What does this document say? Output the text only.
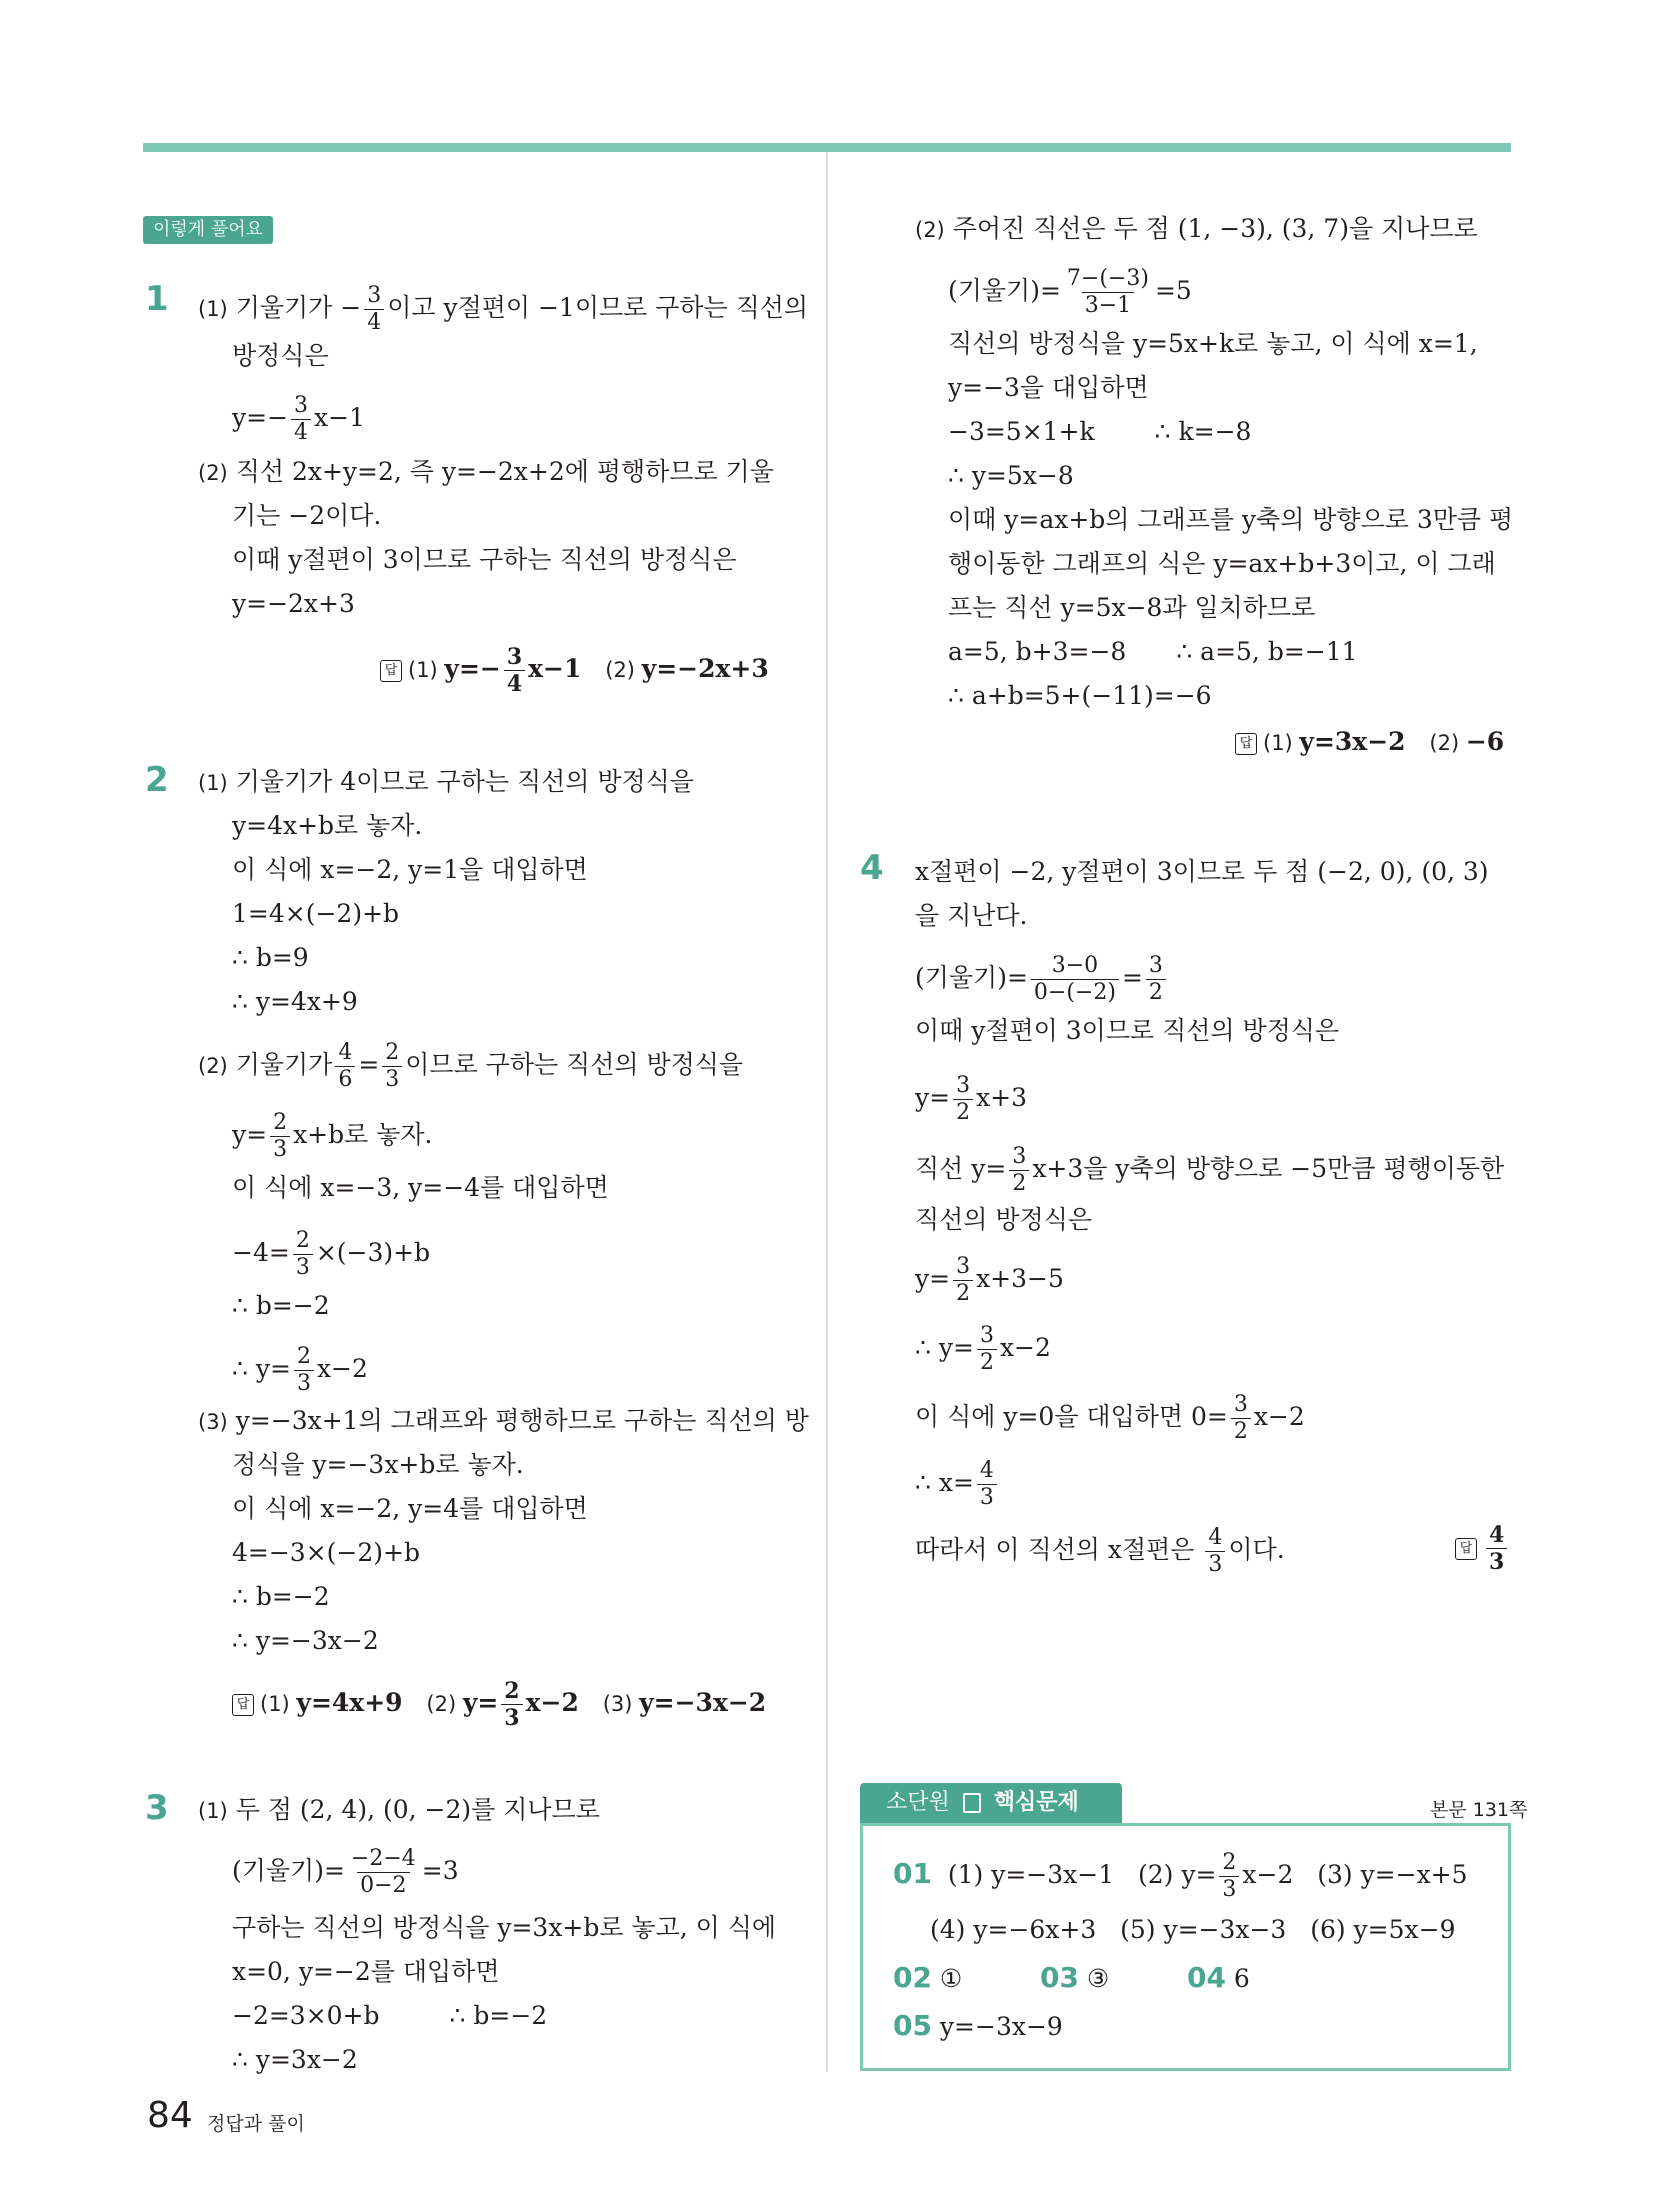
이렇게 풀어요
1 (1) 기울기가 − $\frac{3}{4}$ 이고 y절편이 −1이므로 구하는 직선의
방정식은
$y=- \frac{3}{4} x-1$
(2) 직선 2x+y=2, 즉 y=−2x+2에 평행하므로 기울
기는 −2이다.
이때 y절편이 3이므로 구하는 직선의 방정식은
y=−2x+3
답 (1) $y=- \frac{3}{4} x-1$ (2) y=−2x+3
2 (1) 기울기가 4이므로 구하는 직선의 방정식을
y=4x+b로 놓자.
이 식에 x=−2, y=1을 대입하면
1=4×(−2)+b
∴ b=9
∴ y=4x+9
(2) 기울기가 $\frac{4}{6} = \frac{2}{3}$ 이므로 구하는 직선의 방정식을
$y= \frac{2}{3} x+b$로 놓자.
이 식에 x=−3, y=−4를 대입하면
$-4= \frac{2}{3} \times(-3)+b$
∴ b=−2
∴ $y= \frac{2}{3} x-2$
(3) y=−3x+1의 그래프와 평행하므로 구하는 직선의 방
정식을 y=−3x+b로 놓자.
이 식에 x=−2, y=4를 대입하면
4=−3×(−2)+b
∴ b=−2
∴ y=−3x−2
답 (1) y=4x+9 (2) $y= \frac{2}{3} x-2$ (3) y=−3x−2
3 (1) 두 점 (2, 4), (0, −2)를 지나므로
(기울기)= $\frac{-2-4}{0-2} =3$
구하는 직선의 방정식을 y=3x+b로 놓고, 이 식에
x=0, y=−2를 대입하면
−2=3×0+b	∴ b=−2
∴ y=3x−2
(2) 주어진 직선은 두 점 (1, −3), (3, 7)을 지나므로
(기울기)= $\frac{7-(-3)}{3-1} =5$
직선의 방정식을 y=5x+k로 놓고, 이 식에 x=1,
y=−3을 대입하면
−3=5×1+k ∴ k=−8
∴ y=5x−8
이때 y=ax+b의 그래프를 y축의 방향으로 3만큼 평
행이동한 그래프의 식은 y=ax+b+3이고, 이 그래
프는 직선 y=5x−8과 일치하므로
a=5, b+3=−8 ∴ a=5, b=−11
∴ a+b=5+(−11)=−6
답 (1) y=3x−2 (2) −6
4 x절편이 −2, y절편이 3이므로 두 점 (−2, 0), (0, 3)
을 지난다.
(기울기)= $\frac{3-0}{0-(-2)} = \frac{3}{2}$
이때 y절편이 3이므로 직선의 방정식은
$y= \frac{3}{2} x+3$
직선 $y= \frac{3}{2} x+3$을 y축의 방향으로 −5만큼 평행이동한
직선의 방정식은
$y= \frac{3}{2} x+3-5$
∴ $y= \frac{3}{2} x-2$
이 식에 y=0을 대입하면 $0= \frac{3}{2} x-2$
∴ $x= \frac{4}{3}$
따라서 이 직선의 x절편은 $\frac{4}{3}$ 이다.	답 $\frac{4}{3}$
소단원 핵심문제	본문 131쪽
01 (1) y=−3x−1 (2) $y= \frac{2}{3} x-2$ (3) y=−x+5
(4) y=−6x+3 (5) y=−3x−3 (6) y=5x−9
02 ①	03 ③	04 6
05 y=−3x−9
84 정답과 풀이
